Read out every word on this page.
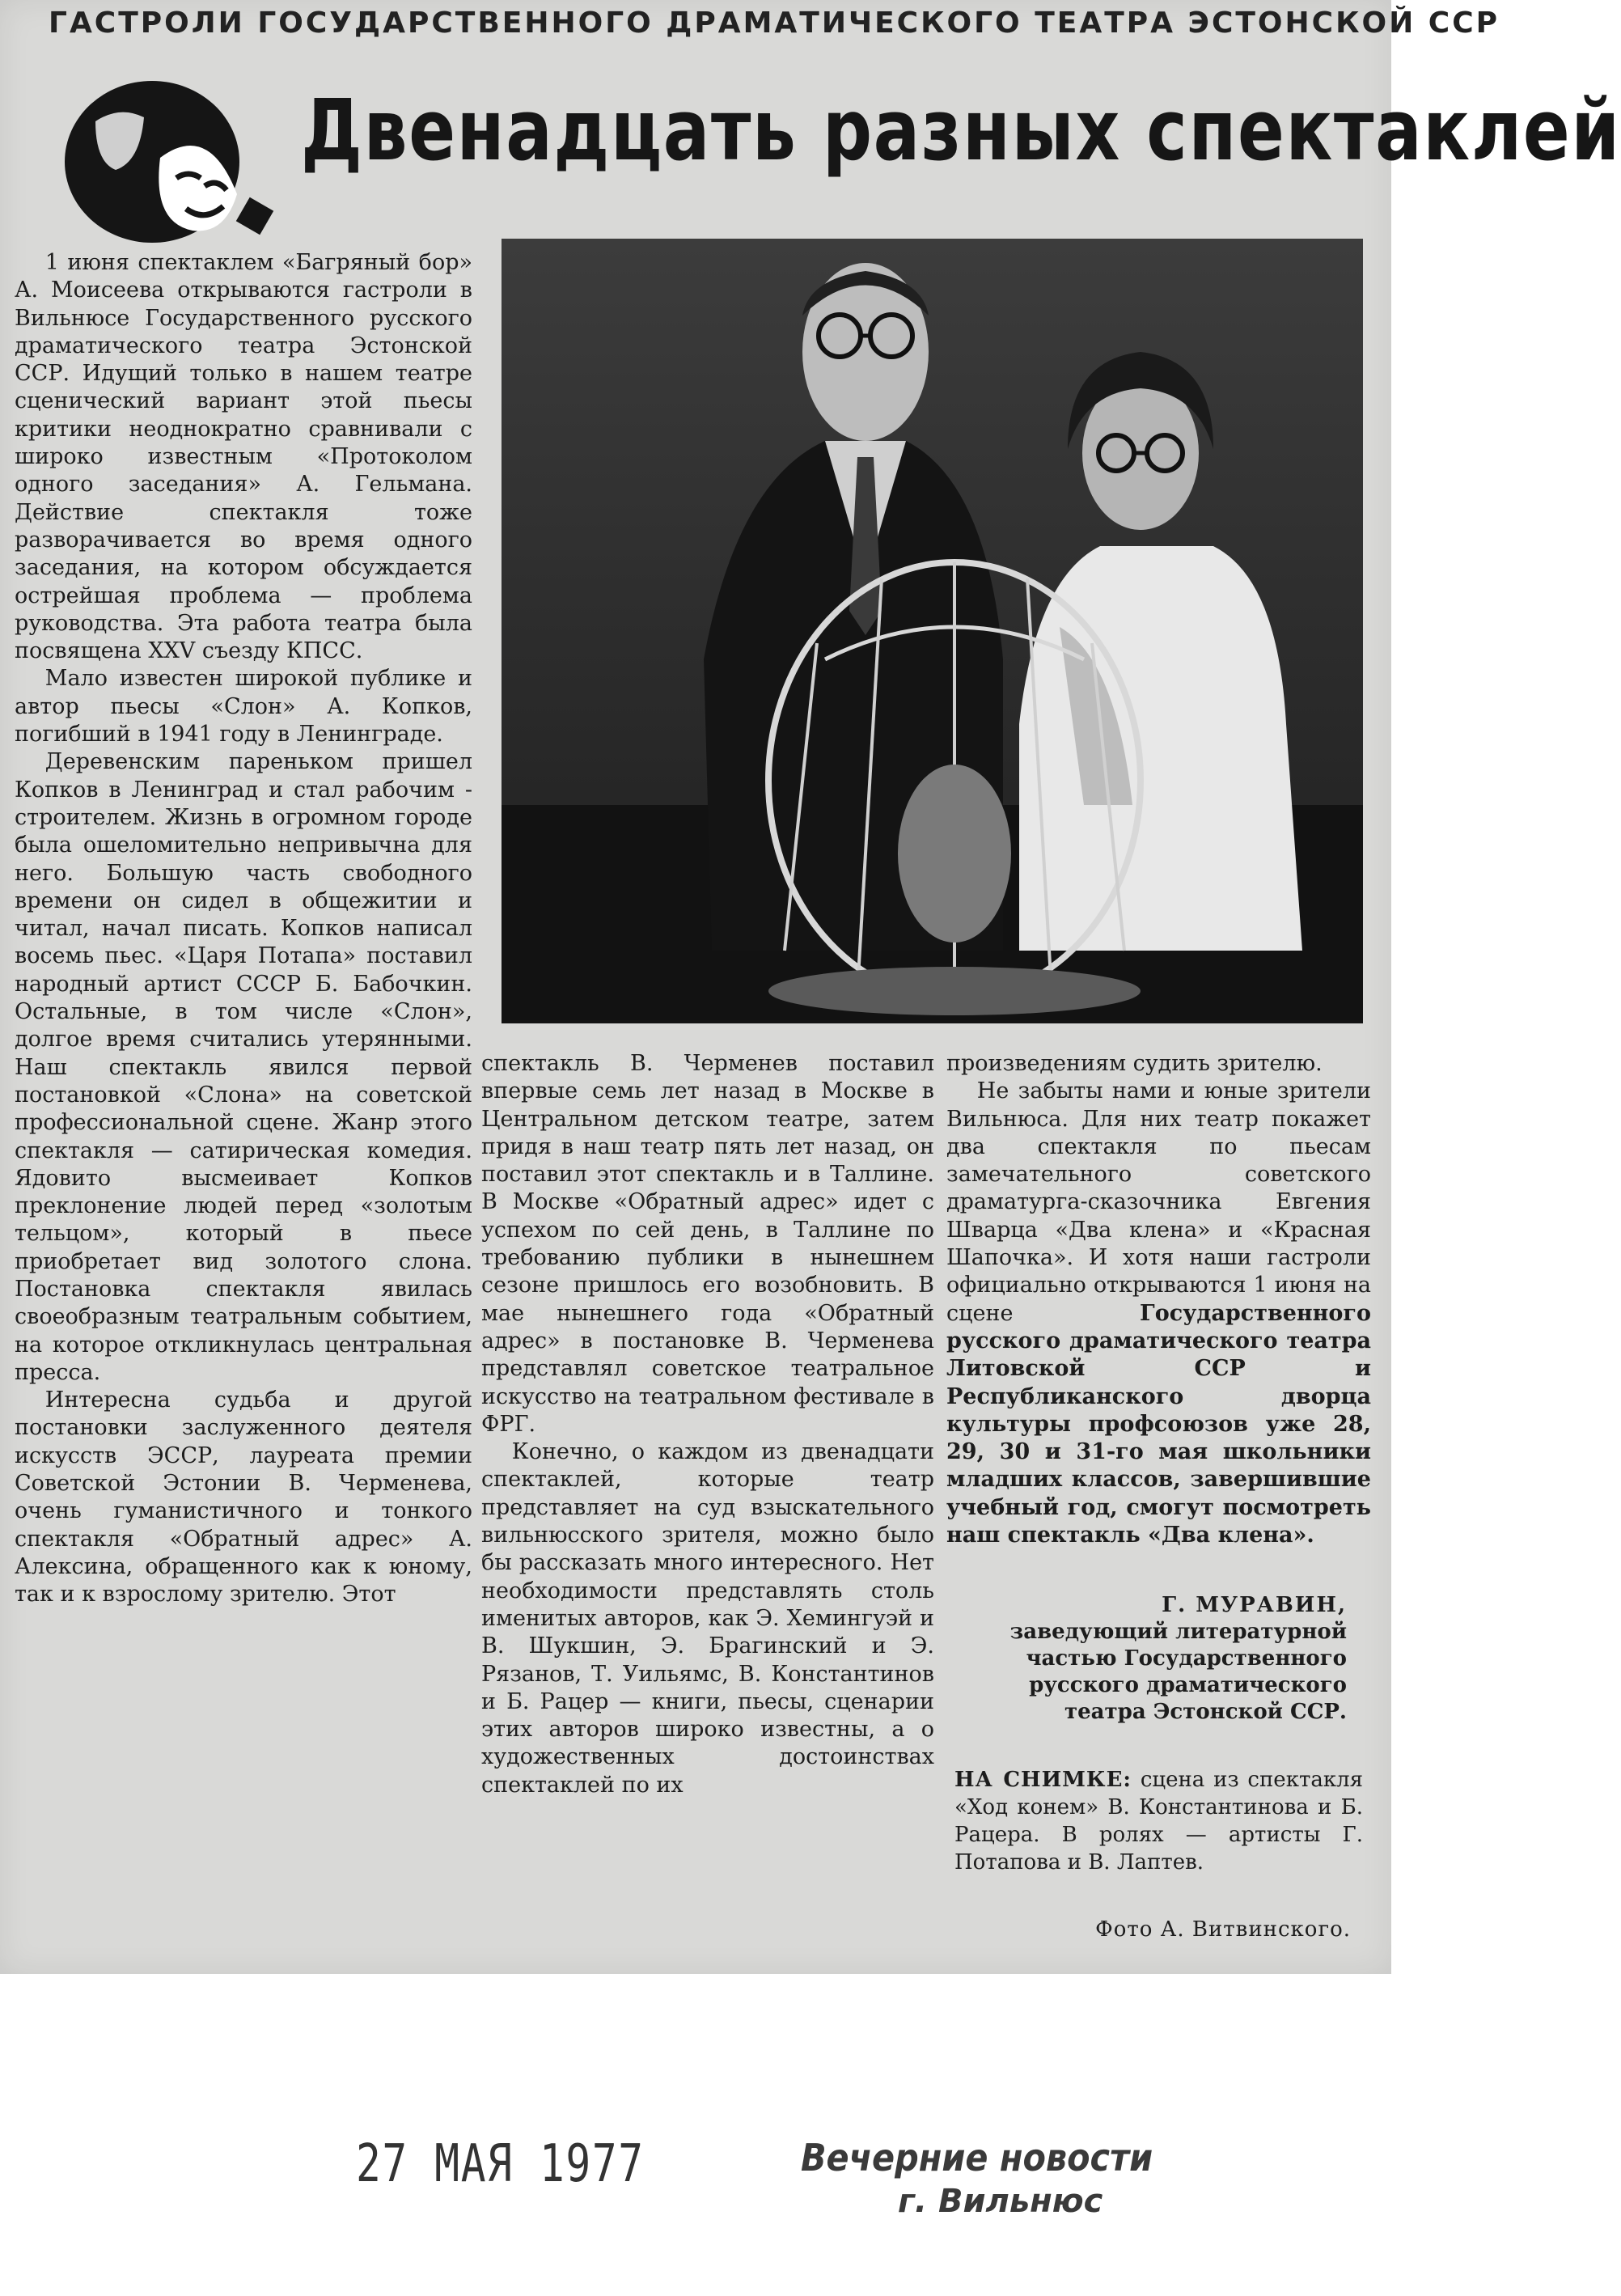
ГАСТРОЛИ ГОСУДАРСТВЕННОГО ДРАМАТИЧЕСКОГО ТЕАТРА ЭСТОНСКОЙ ССР
Двенадцать разных спектаклей

1 июня спектаклем «Багряный бор» А. Моисеева открываются гастроли в Вильнюсе Государственного русского драматического театра Эстонской ССР. Идущий только в нашем театре сценический вариант этой пьесы критики неоднократно сравнивали с широко известным «Протоколом одного заседания» А. Гельмана. Действие спектакля тоже разворачивается во время одного заседания, на котором обсуждается острейшая проблема — проблема руководства. Эта работа театра была посвящена XXV съезду КПСС.

Мало известен широкой публике и автор пьесы «Слон» А. Копков, погибший в 1941 году в Ленинграде.

Деревенским пареньком пришел Копков в Ленинград и стал рабочим - строителем. Жизнь в огромном городе была ошеломительно непривычна для него. Большую часть свободного времени он сидел в общежитии и читал, начал писать. Копков написал восемь пьес. «Царя Потапа» поставил народный артист СССР Б. Бабочкин. Остальные, в том числе «Слон», долгое время считались утерянными. Наш спектакль явился первой постановкой «Слона» на советской профессиональной сцене. Жанр этого спектакля — сатирическая комедия. Ядовито высмеивает Копков преклонение людей перед «золотым тельцом», который в пьесе приобретает вид золотого слона. Постановка спектакля явилась своеобразным театральным событием, на которое откликнулась центральная пресса.

Интересна судьба и другой постановки заслуженного деятеля искусств ЭССР, лауреата премии Советской Эстонии В. Черменева, очень гуманистичного и тонкого спектакля «Обратный адрес» А. Алексина, обращенного как к юному, так и к взрослому зрителю. Этот

спектакль В. Черменев поставил впервые семь лет назад в Москве в Центральном детском театре, затем придя в наш театр пять лет назад, он поставил этот спектакль и в Таллине. В Москве «Обратный адрес» идет с успехом по сей день, в Таллине по требованию публики в нынешнем сезоне пришлось его возобновить. В мае нынешнего года «Обратный адрес» в постановке В. Черменева представлял советское театральное искусство на театральном фестивале в ФРГ.

Конечно, о каждом из двенадцати спектаклей, которые театр представляет на суд взыскательного вильнюсского зрителя, можно было бы рассказать много интересного. Нет необходимости представлять столь именитых авторов, как Э. Хемингуэй и В. Шукшин, Э. Брагинский и Э. Рязанов, Т. Уильямс, В. Константинов и Б. Рацер — книги, пьесы, сценарии этих авторов широко известны, а о художественных достоинствах спектаклей по их

произведениям судить зрителю.

Не забыты нами и юные зрители Вильнюса. Для них театр покажет два спектакля по пьесам замечательного советского драматурга-сказочника Евгения Шварца «Два клена» и «Красная Шапочка». И хотя наши гастроли официально открываются 1 июня на сцене	Государственного русского драматического театра Литовской ССР и Республиканского дворца культуры профсоюзов уже 28, 29, 30 и 31-го мая школьники младших классов, завершившие учебный год, смогут посмотреть наш спектакль «Два клена».

Г. МУРАВИН,
заведующий литературной частью Государственного русского драматического театра Эстонской ССР.
НА СНИМКЕ: сцена из спектакля «Ход конем» В. Константинова и Б. Рацера. В ролях — артисты Г. Потапова и В. Лаптев.
Фото А. Витвинского.
27 МАЯ 1977	Вечерние новости
г. Вильнюс
